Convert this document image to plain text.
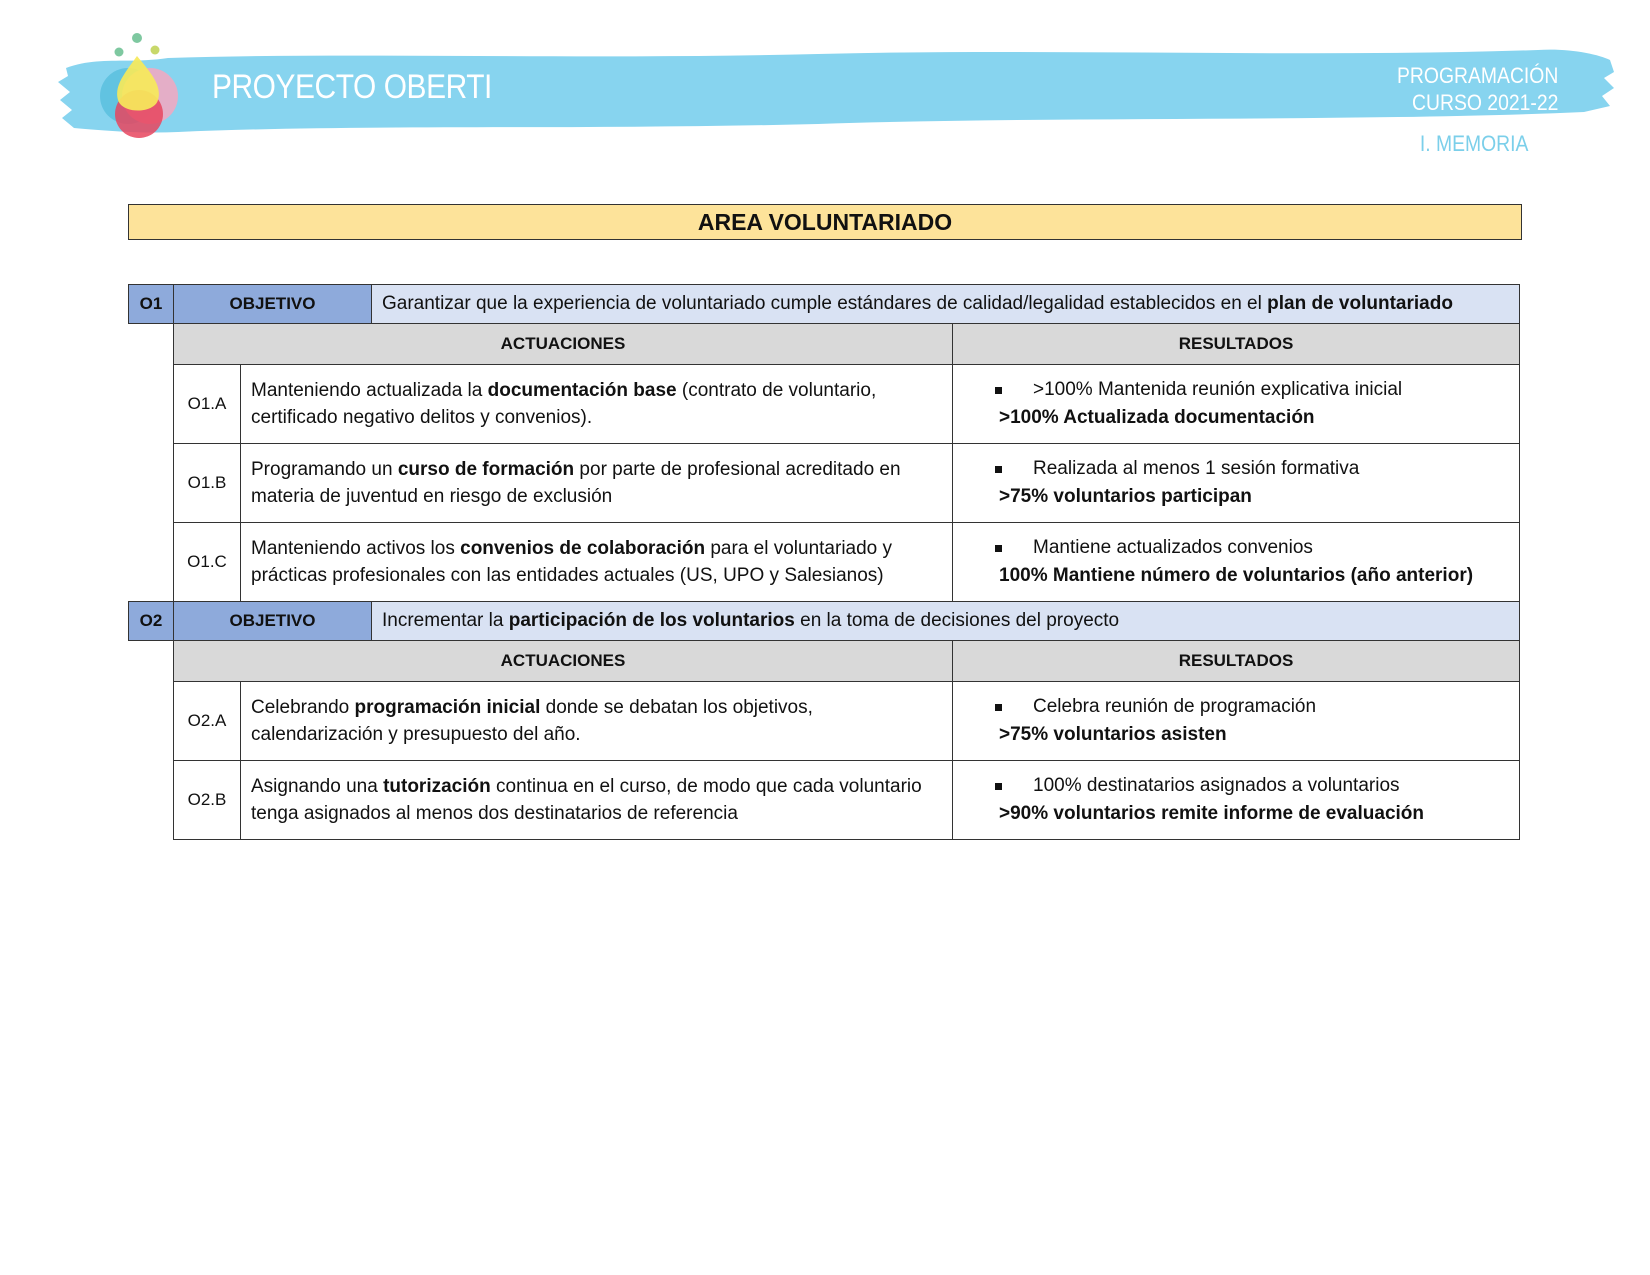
PROYECTO OBERTI	PROGRAMACIÓN
CURSO 2021-22
I. MEMORIA
AREA VOLUNTARIADO
O1	OBJETIVO		Garantizar que la experiencia de voluntariado cumple estándares de calidad/legalidad establecidos en el plan de voluntariado	
	ACTUACIONES			RESULTADOS
	O1.A	Manteniendo actualizada la documentación base (contrato de voluntario, certificado negativo delitos y convenios).		>100% Mantenida reunión explicativa inicial
>100% Actualizada documentación

	O1.B	Programando un curso de formación por parte de profesional acreditado en materia de juventud en riesgo de exclusión		Realizada al menos 1 sesión formativa
>75% voluntarios participan

	O1.C	Manteniendo activos los convenios de colaboración para el voluntariado y prácticas profesionales con las entidades actuales (US, UPO y Salesianos)		Mantiene actualizados convenios
100% Mantiene número de voluntarios (año anterior)

O2	OBJETIVO		Incrementar la participación de los voluntarios en la toma de decisiones del proyecto	
	ACTUACIONES			RESULTADOS
	O2.A	Celebrando programación inicial donde se debatan los objetivos, calendarización y presupuesto del año.		Celebra reunión de programación
>75% voluntarios asisten

	O2.B	Asignando una tutorización continua en el curso, de modo que cada voluntario tenga asignados al menos dos destinatarios de referencia		100% destinatarios asignados a voluntarios
>90% voluntarios remite informe de evaluación
